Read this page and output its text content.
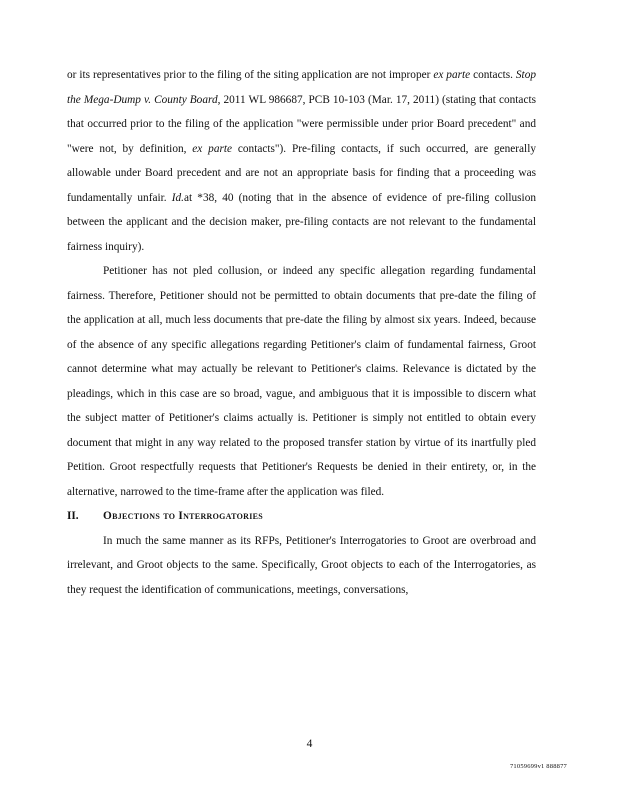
or its representatives prior to the filing of the siting application are not improper ex parte contacts. Stop the Mega-Dump v. County Board, 2011 WL 986687, PCB 10-103 (Mar. 17, 2011) (stating that contacts that occurred prior to the filing of the application "were permissible under prior Board precedent" and "were not, by definition, ex parte contacts"). Pre-filing contacts, if such occurred, are generally allowable under Board precedent and are not an appropriate basis for finding that a proceeding was fundamentally unfair. Id.at *38, 40 (noting that in the absence of evidence of pre-filing collusion between the applicant and the decision maker, pre-filing contacts are not relevant to the fundamental fairness inquiry).

Petitioner has not pled collusion, or indeed any specific allegation regarding fundamental fairness. Therefore, Petitioner should not be permitted to obtain documents that pre-date the filing of the application at all, much less documents that pre-date the filing by almost six years. Indeed, because of the absence of any specific allegations regarding Petitioner's claim of fundamental fairness, Groot cannot determine what may actually be relevant to Petitioner's claims. Relevance is dictated by the pleadings, which in this case are so broad, vague, and ambiguous that it is impossible to discern what the subject matter of Petitioner's claims actually is. Petitioner is simply not entitled to obtain every document that might in any way related to the proposed transfer station by virtue of its inartfully pled Petition. Groot respectfully requests that Petitioner's Requests be denied in their entirety, or, in the alternative, narrowed to the time-frame after the application was filed.

II. Objections to Interrogatories

In much the same manner as its RFPs, Petitioner's Interrogatories to Groot are overbroad and irrelevant, and Groot objects to the same. Specifically, Groot objects to each of the Interrogatories, as they request the identification of communications, meetings, conversations,

4
71059699v1 888877
